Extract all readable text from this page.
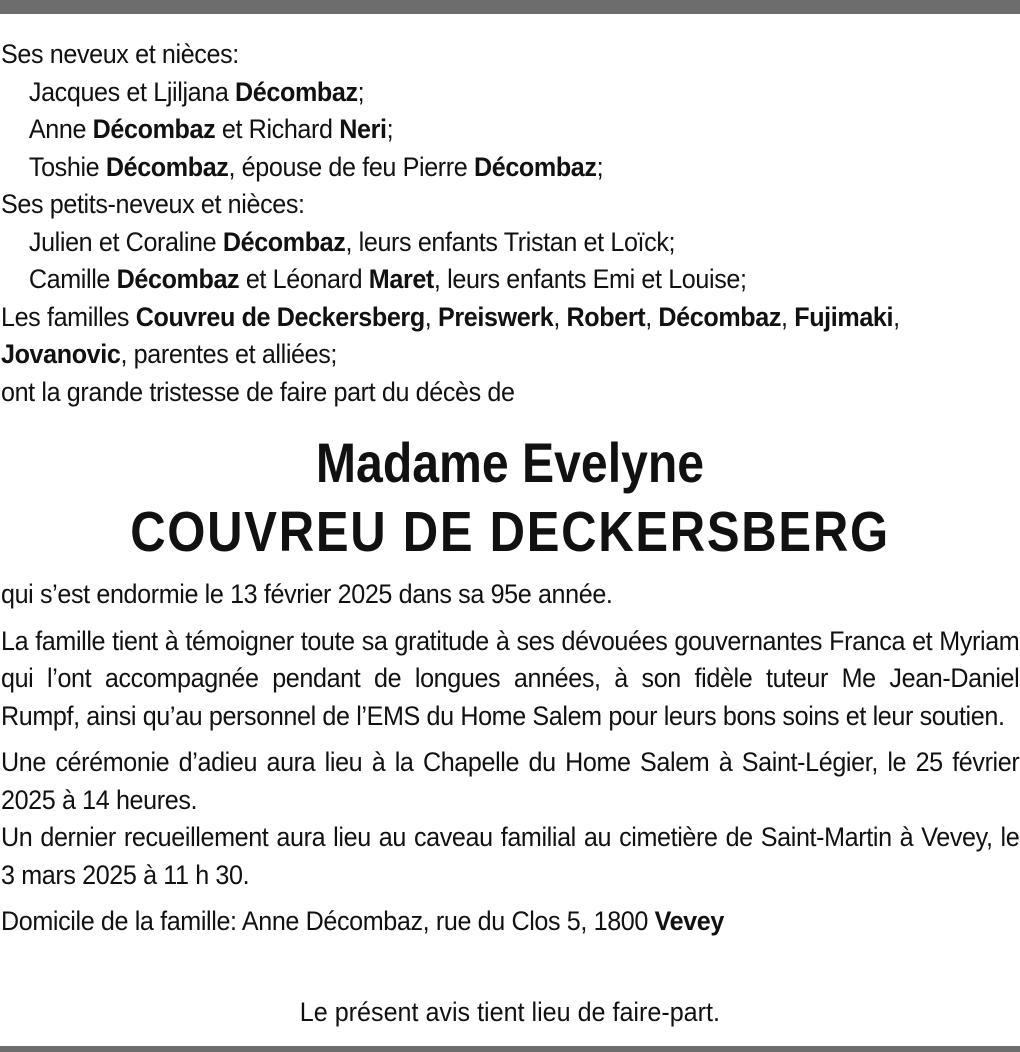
Ses neveux et nièces:
Jacques et Ljiljana Décombaz;
Anne Décombaz et Richard Neri;
Toshie Décombaz, épouse de feu Pierre Décombaz;
Ses petits-neveux et nièces:
Julien et Coraline Décombaz, leurs enfants Tristan et Loïck;
Camille Décombaz et Léonard Maret, leurs enfants Emi et Louise;
Les familles Couvreu de Deckersberg, Preiswerk, Robert, Décombaz, Fujimaki,
Jovanovic, parentes et alliées;
ont la grande tristesse de faire part du décès de
Madame Evelyne
COUVREU DE DECKERSBERG

qui s’est endormie le 13 février 2025 dans sa 95e année.

La famille tient à témoigner toute sa gratitude à ses dévouées gouvernantes Franca et Myriam qui l’ont accompagnée pendant de longues années, à son fidèle tuteur Me Jean-Daniel Rumpf, ainsi qu’au personnel de l’EMS du Home Salem pour leurs bons soins et leur soutien.

Une cérémonie d’adieu aura lieu à la Chapelle du Home Salem à Saint-Légier, le 25 février 2025 à 14 heures.

Un dernier recueillement aura lieu au caveau familial au cimetière de Saint-Martin à Vevey, le 3 mars 2025 à 11 h 30.

Domicile de la famille: Anne Décombaz, rue du Clos 5, 1800 Vevey

Le présent avis tient lieu de faire-part.
